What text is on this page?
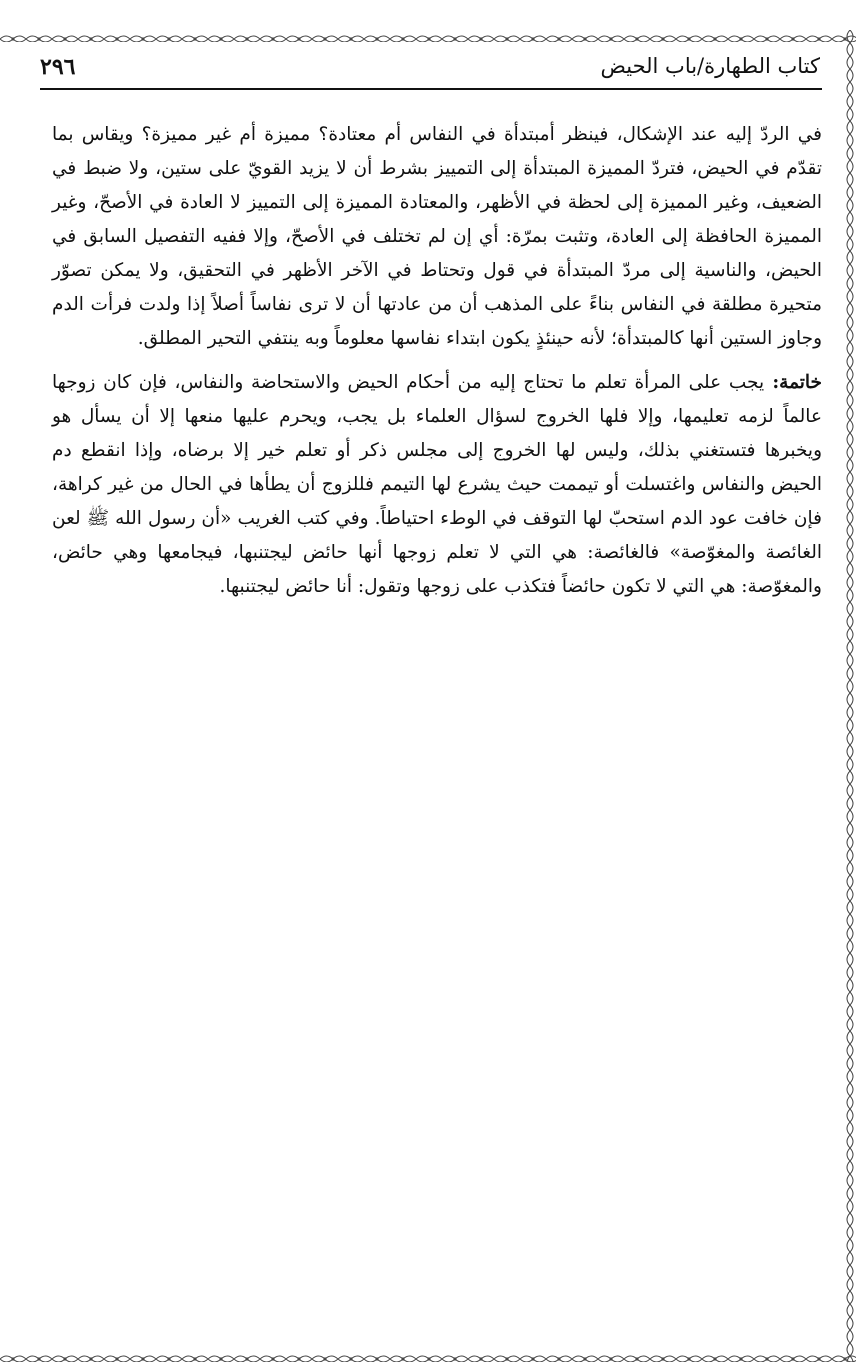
كتاب الطهارة/باب الحيض
٢٩٦

في الردّ إليه عند الإشكال، فينظر أمبتدأة في النفاس أم معتادة؟ مميزة أم غير مميزة؟ ويقاس بما تقدّم في الحيض، فتردّ المميزة المبتدأة إلى التمييز بشرط أن لا يزيد القويّ على ستين، ولا ضبط في الضعيف، وغير المميزة إلى لحظة في الأظهر، والمعتادة المميزة إلى التمييز لا العادة في الأصحّ، وغير المميزة الحافظة إلى العادة، وتثبت بمرّة: أي إن لم تختلف في الأصحّ، وإلا ففيه التفصيل السابق في الحيض، والناسية إلى مردّ المبتدأة في قول وتحتاط في الآخر الأظهر في التحقيق، ولا يمكن تصوّر متحيرة مطلقة في النفاس بناءً على المذهب أن من عادتها أن لا ترى نفاساً أصلاً إذا ولدت فرأت الدم وجاوز الستين أنها كالمبتدأة؛ لأنه حينئذٍ يكون ابتداء نفاسها معلوماً وبه ينتفي التحير المطلق.

خاتمة: يجب على المرأة تعلم ما تحتاج إليه من أحكام الحيض والاستحاضة والنفاس، فإن كان زوجها عالماً لزمه تعليمها، وإلا فلها الخروج لسؤال العلماء بل يجب، ويحرم عليها منعها إلا أن يسأل هو ويخبرها فتستغني بذلك، وليس لها الخروج إلى مجلس ذكر أو تعلم خير إلا برضاه، وإذا انقطع دم الحيض والنفاس واغتسلت أو تيممت حيث يشرع لها التيمم فللزوج أن يطأها في الحال من غير كراهة، فإن خافت عود الدم استحبّ لها التوقف في الوطء احتياطاً. وفي كتب الغريب «أن رسول الله ﷺ لعن الغائصة والمغوّصة» فالغائصة: هي التي لا تعلم زوجها أنها حائض ليجتنبها، فيجامعها وهي حائض، والمغوّصة: هي التي لا تكون حائضاً فتكذب على زوجها وتقول: أنا حائض ليجتنبها.
